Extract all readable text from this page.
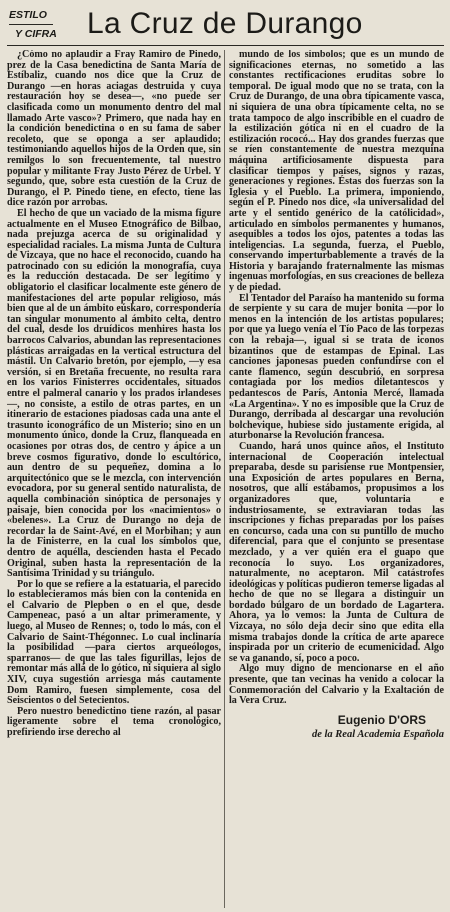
ESTILO
Y CIFRA	La Cruz de Durango

¿Cómo no aplaudir a Fray Ramiro de Pinedo, prez de la Casa benedictina de Santa María de Estíbaliz, cuando nos dice que la Cruz de Durango —en horas aciagas destruida y cuya restauración hoy se desea—, «no puede ser clasificada como un monumento dentro del mal llamado Arte vasco»? Primero, que nada hay en la condición benedictina o en su fama de saber recoleto, que se oponga a ser aplaudido; testimoniando aquellos hijos de la Orden que, sin remilgos lo son frecuentemente, tal nuestro popular y militante Fray Justo Pérez de Urbel. Y segundo, que, sobre esta cuestión de la Cruz de Durango, el P. Pinedo tiene, en efecto, tiene las dice razón por arrobas.

El hecho de que un vaciado de la misma figure actualmente en el Museo Etnográfico de Bilbao, nada prejuzga acerca de su originalidad y especialidad raciales. La misma Junta de Cultura de Vizcaya, que no hace el reconocido, cuando ha patrocinado con su edición la monografía, cuya es la reducción destacada. De ser legítimo y obligatorio el clasificar localmente este género de manifestaciones del arte popular religioso, más bien que al de un ámbito eúskaro, correspondería tan singular monumento al ámbito celta, dentro del cual, desde los druídicos menhires hasta los barrocos Calvarios, abundan las representaciones plásticas arraigadas en la vertical estructura del mástil. Un Calvario bretón, por ejemplo, —y esa versión, si en Bretaña frecuente, no resulta rara en los varios Finisterres occidentales, situados entre el palmeral canario y los prados irlandeses—, no consiste, a estilo de otras partes, en un itinerario de estaciones piadosas cada una ante el trasunto iconográfico de un Misterio; sino en un monumento único, donde la Cruz, flanqueada en ocasiones por otras dos, de centro y ápice a un breve cosmos figurativo, donde lo escultórico, aun dentro de su pequeñez, domina a lo arquitectónico que se le mezcla, con intervención evocadora, por su general sentido naturalista, de aquella combinación sinóptica de personajes y paisaje, bien conocida por los «nacimientos» o «belenes». La Cruz de Durango no deja de recordar la de Saint-Avé, en el Morbihan; y aun la de Finisterre, en la cual los símbolos que, dentro de aquélla, descienden hasta el Pecado Original, suben hasta la representación de la Santísima Trinidad y su triángulo.

Por lo que se refiere a la estatuaria, el parecido lo establecieramos más bien con la contenida en el Calvario de Plepben o en el que, desde Campeneac, pasó a un altar primeramente, y luego, al Museo de Rennes; o, todo lo más, con el Calvario de Saint-Thégonnec. Lo cual inclinaría la posibilidad —para ciertos arqueólogos, sparranos— de que las tales figurillas, lejos de remontar más allá de lo gótico, ni siquiera al siglo XIV, cuya sugestión arriesga más cautamente Dom Ramiro, fuesen simplemente, cosa del Seiscientos o del Setecientos.

Pero nuestro benedictino tiene razón, al pasar ligeramente sobre el tema cronológico, prefiriendo irse derecho al

mundo de los símbolos; que es un mundo de significaciones eternas, no sometido a las constantes rectificaciones eruditas sobre lo temporal. De igual modo que no se trata, con la Cruz de Durango, de una obra típicamente vasca, ni siquiera de una obra típicamente celta, no se trata tampoco de algo inscribible en el cuadro de la estilización gótica ni en el cuadro de la estilización rococó... Hay dos grandes fuerzas que se ríen constantemente de nuestra mezquina máquina artificiosamente dispuesta para clasificar tiempos y países, signos y razas, generaciones y regiones. Éstas dos fuerzas son la Iglesia y el Pueblo. La primera, imponiendo, según el P. Pinedo nos dice, «la universalidad del arte y el sentido genérico de la católicidad», articulado en símbolos permanentes y humanos, asequibles a todos los ojos, patentes a todas las inteligencias. La segunda, fuerza, el Pueblo, conservando imperturbablemente a través de la Historia y barajando fraternalmente las mismas ingenuas morfologías, en sus creaciones de belleza y de piedad.

El Tentador del Paraíso ha mantenido su forma de serpiente y su cara de mujer bonita —por lo menos en la intención de los artistas populares; por que ya luego venía el Tío Paco de las torpezas con la rebaja—, igual si se trata de iconos bizantinos que de estampas de Epinal. Las canciones japonesas pueden confundirse con el cante flamenco, según descubrió, en sorpresa contagiada por los medios diletantescos y pedantescos de París, Antonia Mercé, llamada «La Argentina». Y no es imposible que la Cruz de Durango, derribada al descargar una revolución bolchevique, hubiese sido justamente erigida, al aturbonarse la Revolución francesa.

Cuando, hará unos quince años, el Instituto internacional de Cooperación intelectual preparaba, desde su parisiense rue Montpensier, una Exposición de artes populares en Berna, nosotros, que allí estábamos, propusimos a los organizadores que, voluntaria e industriosamente, se extraviaran todas las inscripciones y fichas preparadas por los países en concurso, cada una con su puntillo de mucho diferencial, para que el conjunto se presentase mezclado, y a ver quién era el guapo que reconocía lo suyo. Los organizadores, naturalmente, no aceptaron. Mil catástrofes ideológicas y políticas pudieron temerse ligadas al hecho de que no se llegara a distinguir un bordado búlgaro de un bordado de Lagartera. Ahora, ya lo vemos: la Junta de Cultura de Vizcaya, no sólo deja decir sino que edita ella misma trabajos donde la crítica de arte aparece inspirada por un criterio de ecumenicidad. Algo se va ganando, sí, poco a poco.

Algo muy digno de mencionarse en el año presente, que tan vecinas ha venido a colocar la Conmemoración del Calvario y la Exaltación de la Vera Cruz.

Eugenio D'ORS
de la Real Academia Española
